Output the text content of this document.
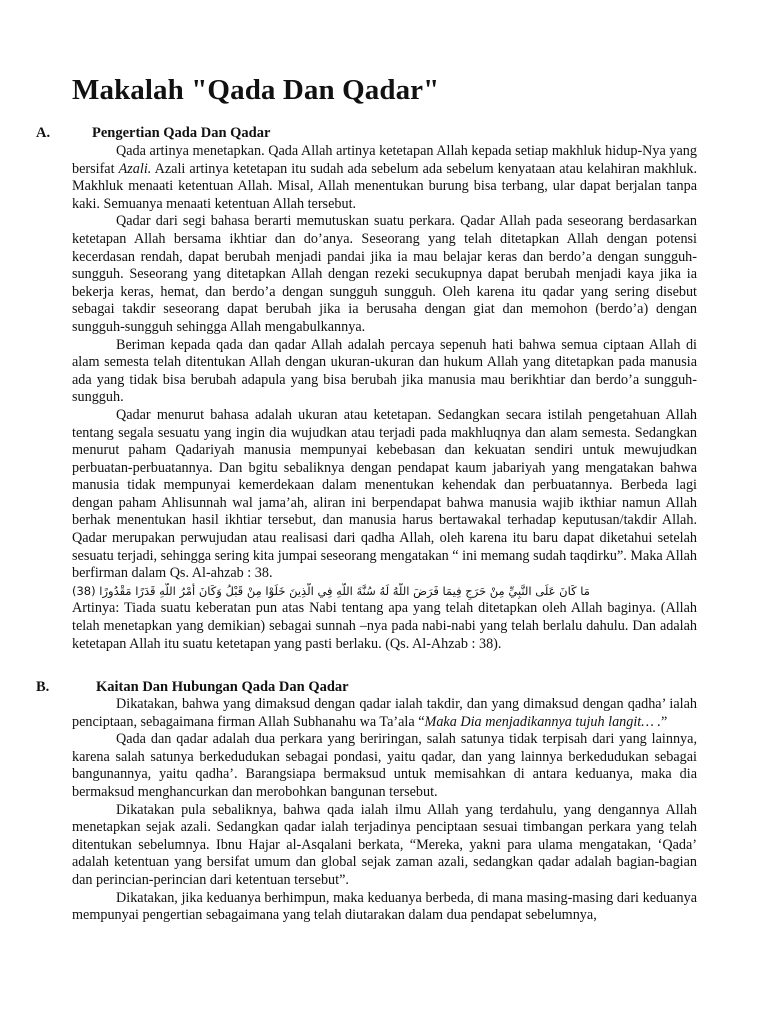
Makalah "Qada Dan Qadar"
A.	Pengertian Qada Dan Qadar

Qada artinya menetapkan. Qada Allah artinya ketetapan Allah kepada setiap makhluk hidup-Nya yang bersifat Azali. Azali artinya ketetapan itu sudah ada sebelum ada sebelum kenyataan atau kelahiran makhluk. Makhluk menaati ketentuan Allah. Misal, Allah menentukan burung bisa terbang, ular dapat berjalan tanpa kaki. Semuanya menaati ketentuan Allah tersebut.

Qadar dari segi bahasa berarti memutuskan suatu perkara. Qadar Allah pada seseorang berdasarkan ketetapan Allah bersama ikhtiar dan do’anya. Seseorang yang telah ditetapkan Allah dengan potensi kecerdasan rendah, dapat berubah menjadi pandai jika ia mau belajar keras dan berdo’a dengan sungguh-sungguh. Seseorang yang ditetapkan Allah dengan rezeki secukupnya dapat berubah menjadi kaya jika ia bekerja keras, hemat, dan berdo’a dengan sungguh sungguh. Oleh karena itu qadar yang sering disebut sebagai takdir seseorang dapat berubah jika ia berusaha dengan giat dan memohon (berdo’a) dengan sungguh-sungguh sehingga Allah mengabulkannya.

Beriman kepada qada dan qadar Allah adalah percaya sepenuh hati bahwa semua ciptaan Allah di alam semesta telah ditentukan Allah dengan ukuran-ukuran dan hukum Allah yang ditetapkan pada manusia ada yang tidak bisa berubah adapula yang bisa berubah jika manusia mau berikhtiar dan berdo’a sungguh-sungguh.

Qadar menurut bahasa adalah ukuran atau ketetapan. Sedangkan secara istilah pengetahuan Allah tentang segala sesuatu yang ingin dia wujudkan atau terjadi pada makhluqnya dan alam semesta. Sedangkan menurut paham Qadariyah manusia mempunyai kebebasan dan kekuatan sendiri untuk mewujudkan perbuatan-perbuatannya. Dan bgitu sebaliknya dengan pendapat kaum jabariyah yang mengatakan bahwa manusia tidak mempunyai kemerdekaan dalam menentukan kehendak dan perbuatannya. Berbeda lagi dengan paham Ahlisunnah wal jama’ah, aliran ini berpendapat bahwa manusia wajib ikthiar namun Allah berhak menentukan hasil ikhtiar tersebut, dan manusia harus bertawakal terhadap keputusan/takdir Allah. Qadar merupakan perwujudan atau realisasi dari qadha Allah, oleh karena itu baru dapat diketahui setelah sesuatu terjadi, sehingga sering kita jumpai seseorang mengatakan “ ini memang sudah taqdirku”. Maka Allah berfirman dalam Qs. Al-ahzab : 38.

(38) مَا كَانَ عَلَى النَّبِيِّ مِنْ حَرَجٍ فِيمَا فَرَضَ اللَّهُ لَهُ سُنَّةَ اللَّهِ فِي الَّذِينَ خَلَوْا مِنْ قَبْلُ وَكَانَ أَمْرُ اللَّهِ قَدَرًا مَقْدُورًا

Artinya: Tiada suatu keberatan pun atas Nabi tentang apa yang telah ditetapkan oleh Allah baginya. (Allah telah menetapkan yang demikian) sebagai sunnah –nya pada nabi-nabi yang telah berlalu dahulu. Dan adalah ketetapan Allah itu suatu ketetapan yang pasti berlaku. (Qs. Al-Ahzab : 38).

B.	Kaitan Dan Hubungan Qada Dan Qadar

Dikatakan, bahwa yang dimaksud dengan qadar ialah takdir, dan yang dimaksud dengan qadha’ ialah penciptaan, sebagaimana firman Allah Subhanahu wa Ta’ala “Maka Dia menjadikannya tujuh langit… .”

Qada dan qadar adalah dua perkara yang beriringan, salah satunya tidak terpisah dari yang lainnya, karena salah satunya berkedudukan sebagai pondasi, yaitu qadar, dan yang lainnya berkedudukan sebagai bangunannya, yaitu qadha’. Barangsiapa bermaksud untuk memisahkan di antara keduanya, maka dia bermaksud menghancurkan dan merobohkan bangunan tersebut.

Dikatakan pula sebaliknya, bahwa qada ialah ilmu Allah yang terdahulu, yang dengannya Allah menetapkan sejak azali. Sedangkan qadar ialah terjadinya penciptaan sesuai timbangan perkara yang telah ditentukan sebelumnya. Ibnu Hajar al-Asqalani berkata, “Mereka, yakni para ulama mengatakan, ‘Qada’ adalah ketentuan yang bersifat umum dan global sejak zaman azali, sedangkan qadar adalah bagian-bagian dan perincian-perincian dari ketentuan tersebut”.

Dikatakan, jika keduanya berhimpun, maka keduanya berbeda, di mana masing-masing dari keduanya mempunyai pengertian sebagaimana yang telah diutarakan dalam dua pendapat sebelumnya,
